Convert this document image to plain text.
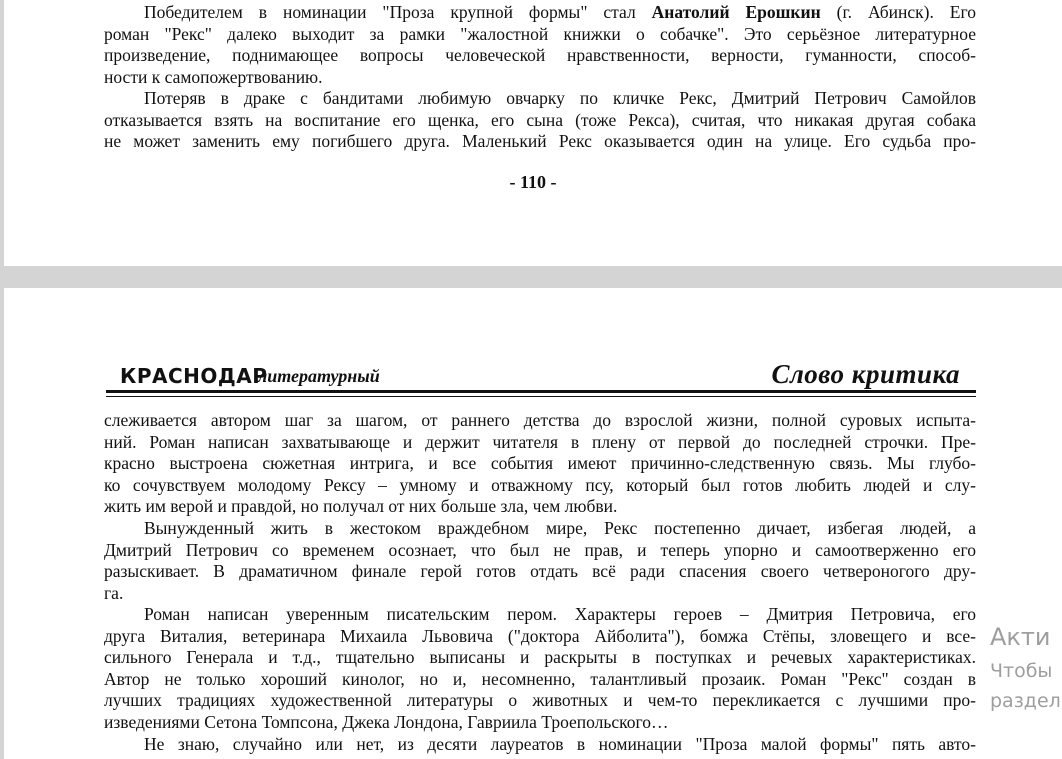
Победителем в номинации "Проза крупной формы" стал Анатолий Ерошкин (г. Абинск). Его
роман "Рекс" далеко выходит за рамки "жалостной книжки о собачке". Это серьёзное литературное
произведение, поднимающее вопросы человеческой нравственности, верности, гуманности, способ-
ности к самопожертвованию.
Потеряв в драке с бандитами любимую овчарку по кличке Рекс, Дмитрий Петрович Самойлов
отказывается взять на воспитание его щенка, его сына (тоже Рекса), считая, что никакая другая собака
не может заменить ему погибшего друга. Маленький Рекс оказывается один на улице. Его судьба про-
- 110 -
КРАСНОДАР
литературный	Слово критика
слеживается автором шаг за шагом, от раннего детства до взрослой жизни, полной суровых испыта-
ний. Роман написан захватывающе и держит читателя в плену от первой до последней строчки. Пре-
красно выстроена сюжетная интрига, и все события имеют причинно-следственную связь. Мы глубо-
ко сочувствуем молодому Рексу – умному и отважному псу, который был готов любить людей и слу-
жить им верой и правдой, но получал от них больше зла, чем любви.
Вынужденный жить в жестоком враждебном мире, Рекс постепенно дичает, избегая людей, а
Дмитрий Петрович со временем осознает, что был не прав, и теперь упорно и самоотверженно его
разыскивает. В драматичном финале герой готов отдать всё ради спасения своего четвероногого дру-
га.
Роман написан уверенным писательским пером. Характеры героев – Дмитрия Петровича, его
друга Виталия, ветеринара Михаила Львовича ("доктора Айболита"), бомжа Стёпы, зловещего и все-
сильного Генерала и т.д., тщательно выписаны и раскрыты в поступках и речевых характеристиках.
Автор не только хороший кинолог, но и, несомненно, талантливый прозаик. Роман "Рекс" создан в
лучших традициях художественной литературы о животных и чем-то перекликается с лучшими про-
изведениями Сетона Томпсона, Джека Лондона, Гавриила Троепольского…
Не знаю, случайно или нет, из десяти лауреатов в номинации "Проза малой формы" пять авто-
Акти
Чтобы
раздел
